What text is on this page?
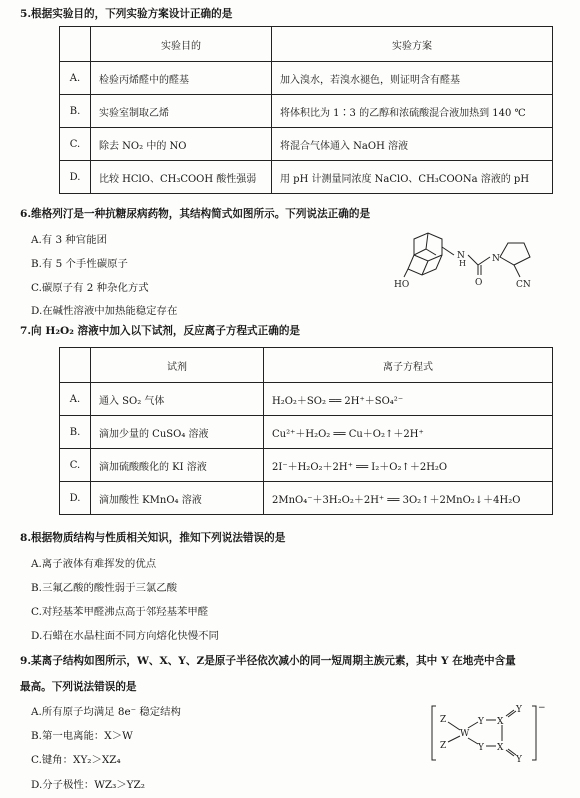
5.根据实验目的，下列实验方案设计正确的是
	实验目的	实验方案
A.	检验丙烯醛中的醛基	加入溴水，若溴水褪色，则证明含有醛基
B.	实验室制取乙烯	将体积比为 1∶3 的乙醇和浓硫酸混合液加热到 140 ℃
C.	除去 NO₂ 中的 NO	将混合气体通入 NaOH 溶液
D.	比较 HClO、CH₃COOH 酸性强弱	用 pH 计测量同浓度 NaClO、CH₃COONa 溶液的 pH
6.维格列汀是一种抗糖尿病药物，其结构简式如图所示。下列说法正确的是
A.有 3 种官能团
B.有 5 个手性碳原子
C.碳原子有 2 种杂化方式
D.在碱性溶液中加热能稳定存在
N
H	N
O
HO	CN
7.向 H₂O₂ 溶液中加入以下试剂，反应离子方程式正确的是
	试剂	离子方程式
A.	通入 SO₂ 气体	H₂O₂＋SO₂ ══ 2H⁺＋SO₄²⁻
B.	滴加少量的 CuSO₄ 溶液	Cu²⁺＋H₂O₂ ══ Cu＋O₂↑＋2H⁺
C.	滴加硫酸酸化的 KI 溶液	2I⁻＋H₂O₂＋2H⁺ ══ I₂＋O₂↑＋2H₂O
D.	滴加酸性 KMnO₄ 溶液	2MnO₄⁻＋3H₂O₂＋2H⁺ ══ 3O₂↑＋2MnO₂↓＋4H₂O
8.根据物质结构与性质相关知识，推知下列说法错误的是
A.离子液体有难挥发的优点
B.三氟乙酸的酸性弱于三氯乙酸
C.对羟基苯甲醛沸点高于邻羟基苯甲醛
D.石蜡在水晶柱面不同方向熔化快慢不同
9.某离子结构如图所示，W、X、Y、Z是原子半径依次减小的同一短周期主族元素，其中 Y 在地壳中含量
最高。下列说法错误的是
A.所有原子均满足 8e⁻ 稳定结构
B.第一电离能：X＞W
C.键角：XY₂＞XZ₄
D.分子极性：WZ₃＞YZ₂
Z
Z
W
Y
Y
X
X
Y
Y
−
